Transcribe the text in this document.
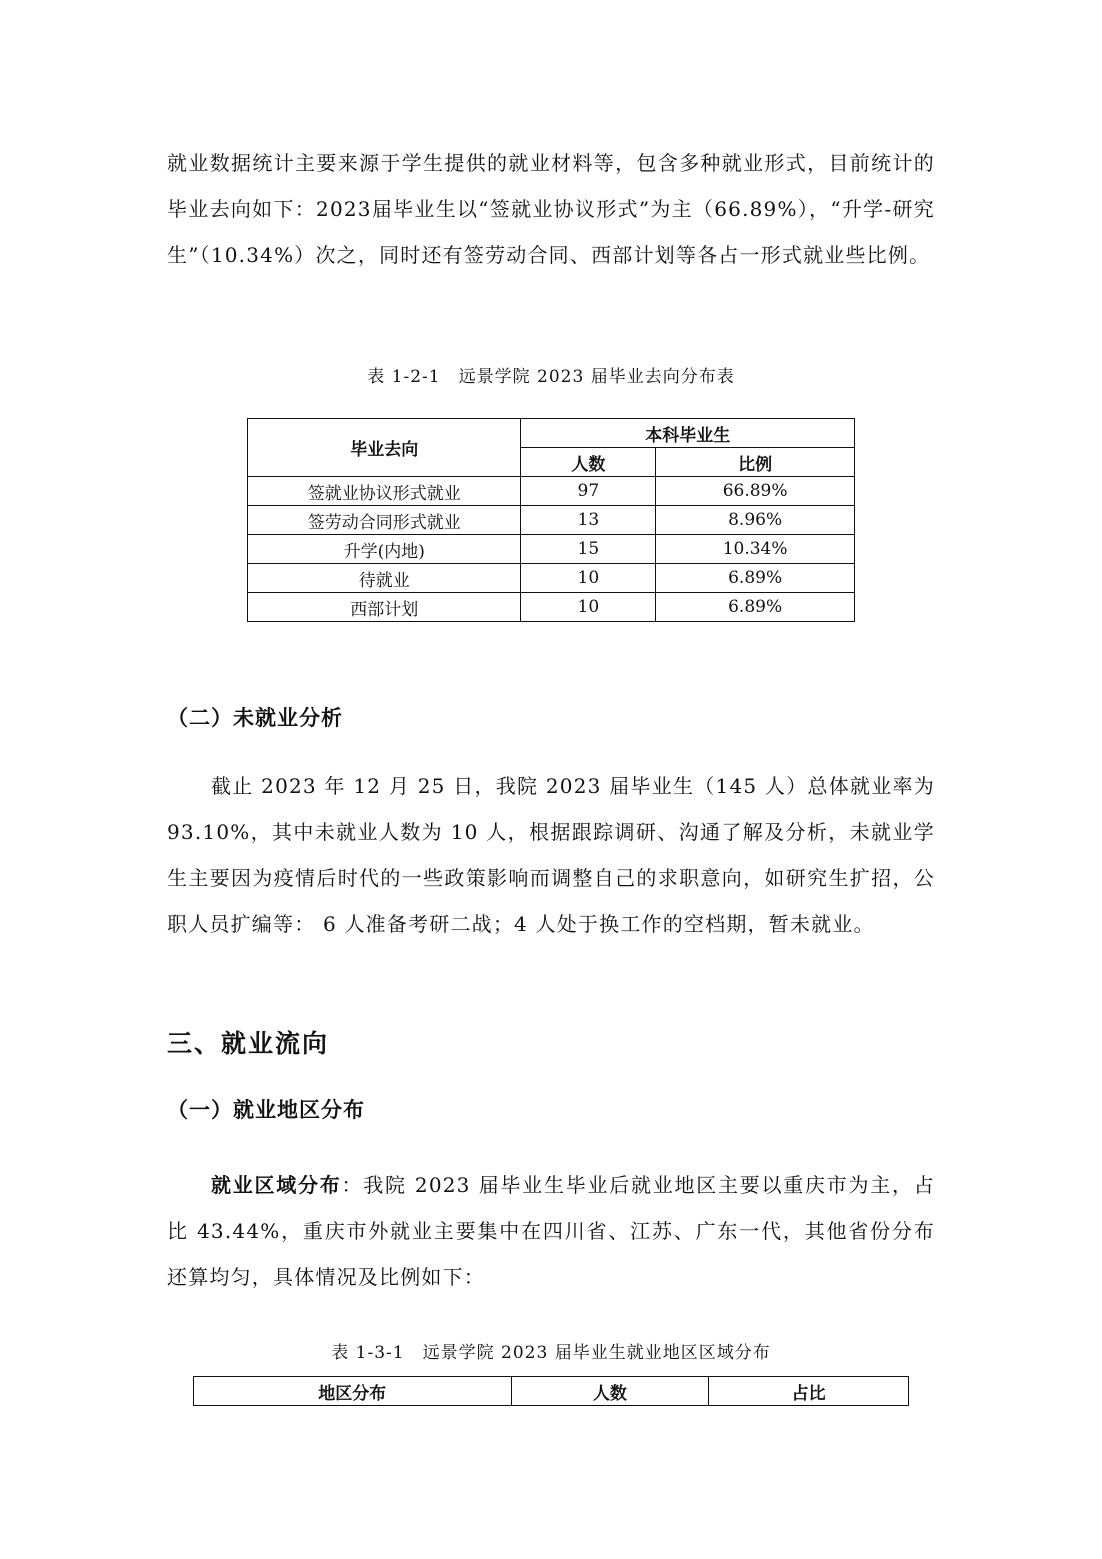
就业数据统计主要来源于学生提供的就业材料等，包含多种就业形式，目前统计的毕业去向如下：2023届毕业生以“签就业协议形式”为主（66.89%），“升学-研究生”（10.34%）次之，同时还有签劳动合同、西部计划等各占一形式就业些比例。

表 1-2-1　远景学院 2023 届毕业去向分布表

毕业去向	本科毕业生	
	人数	比例
签就业协议形式就业	97	66.89%
签劳动合同形式就业	13	8.96%
升学(内地)	15	10.34%
待就业	10	6.89%
西部计划	10	6.89%
（二）未就业分析

截止 2023 年 12 月 25 日，我院 2023 届毕业生（145 人）总体就业率为 93.10%，其中未就业人数为 10 人，根据跟踪调研、沟通了解及分析，未就业学生主要因为疫情后时代的一些政策影响而调整自己的求职意向，如研究生扩招，公职人员扩编等： 6 人准备考研二战；4 人处于换工作的空档期，暂未就业。

三、就业流向
（一）就业地区分布

就业区域分布：我院 2023 届毕业生毕业后就业地区主要以重庆市为主，占比 43.44%，重庆市外就业主要集中在四川省、江苏、广东一代，其他省份分布还算均匀，具体情况及比例如下：

表 1-3-1　远景学院 2023 届毕业生就业地区区域分布

地区分布	人数	占比
